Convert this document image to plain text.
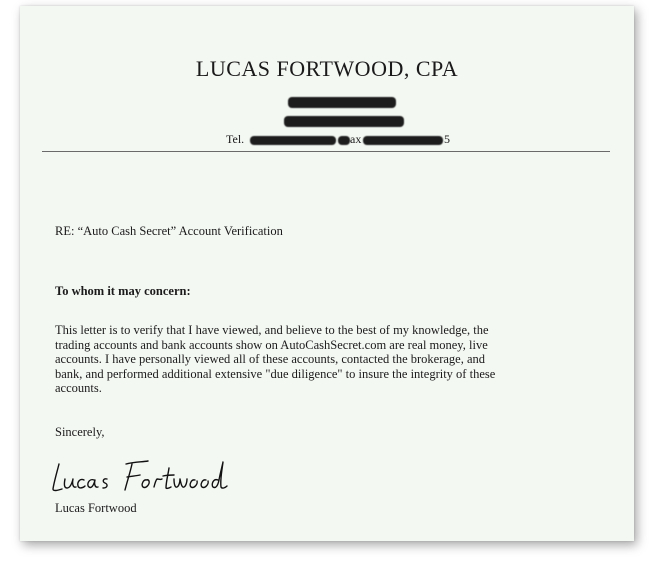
LUCAS FORTWOOD, CPA
Tel.	ax	5
RE: “Auto Cash Secret” Account Verification
To whom it may concern:
This letter is to verify that I have viewed, and believe to the best of my knowledge, the
trading accounts and bank accounts show on AutoCashSecret.com are real money, live
accounts. I have personally viewed all of these accounts, contacted the brokerage, and
bank, and performed additional extensive "due diligence" to insure the integrity of these
accounts.
Sincerely,
Lucas Fortwood
Lucas Fortwood
